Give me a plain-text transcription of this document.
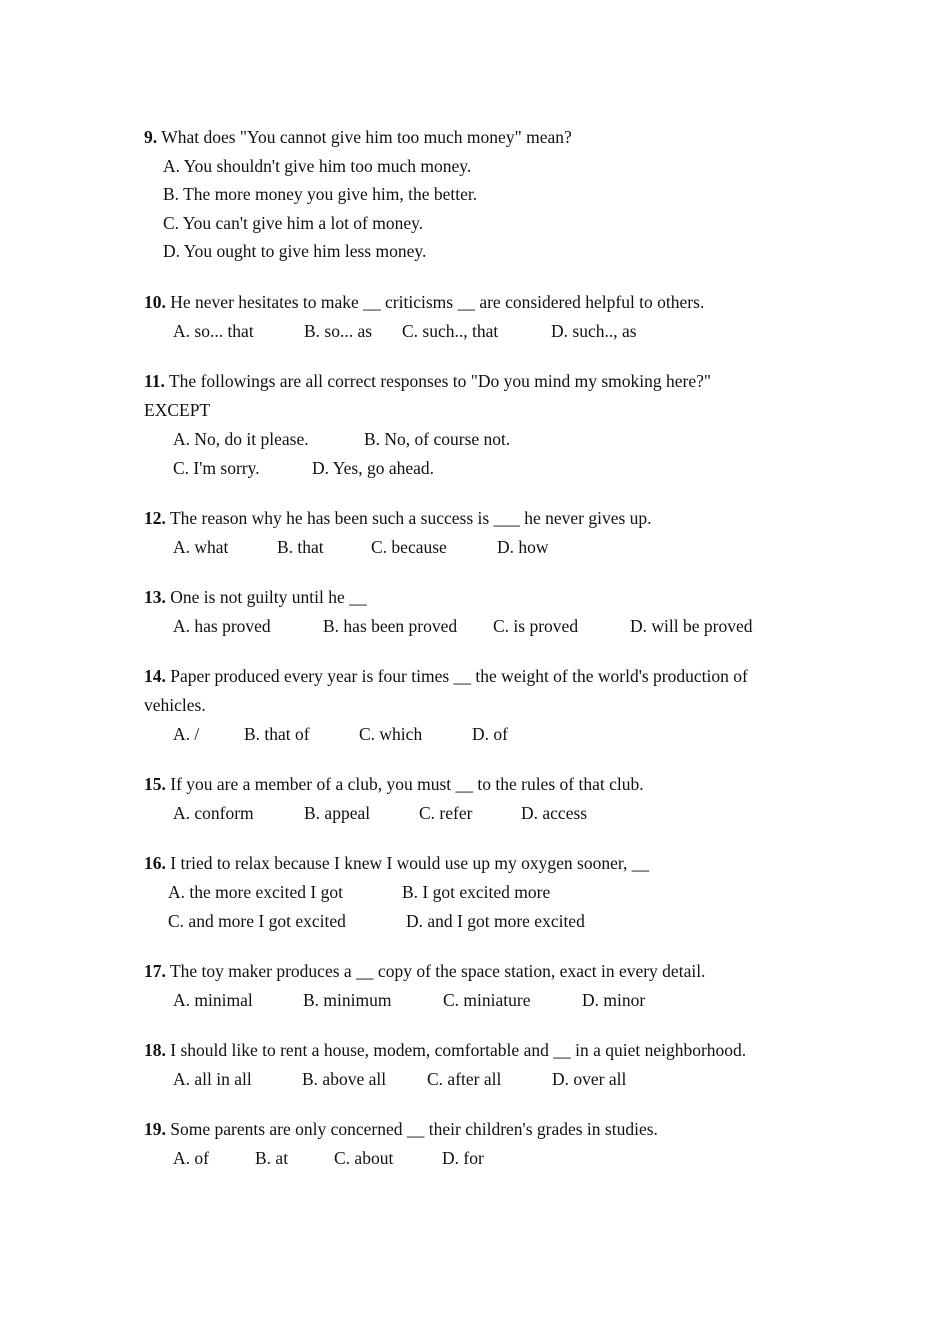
9. What does "You cannot give him too much money" mean?
A. You shouldn't give him too much money.
B. The more money you give him, the better.
C. You can't give him a lot of money.
D. You ought to give him less money.
10. He never hesitates to make __ criticisms __ are considered helpful to others.
A. so... that	B. so... as C. such.., that	D. such.., as
11. The followings are all correct responses to "Do you mind my smoking here?"
EXCEPT
A. No, do it please.	B. No, of course not.
C. I'm sorry.	D. Yes, go ahead.
12. The reason why he has been such a success is ___ he never gives up.
A. what	B. that	C. because	D. how
13. One is not guilty until he __
A. has proved	B. has been proved C. is proved	D. will be proved
14. Paper produced every year is four times __ the weight of the world's production of
vehicles.
A. /	B. that of	C. which	D. of
15. If you are a member of a club, you must __ to the rules of that club.
A. conform	B. appeal	C. refer	D. access
16. I tried to relax because I knew I would use up my oxygen sooner, __
A. the more excited I got	B. I got excited more
C. and more I got excited	D. and I got more excited
17. The toy maker produces a __ copy of the space station, exact in every detail.
A. minimal	B. minimum	C. miniature	D. minor
18. I should like to rent a house, modem, comfortable and __ in a quiet neighborhood.
A. all in all	B. above all C. after all	D. over all
19. Some parents are only concerned __ their children's grades in studies.
A. of	B. at	C. about	D. for
